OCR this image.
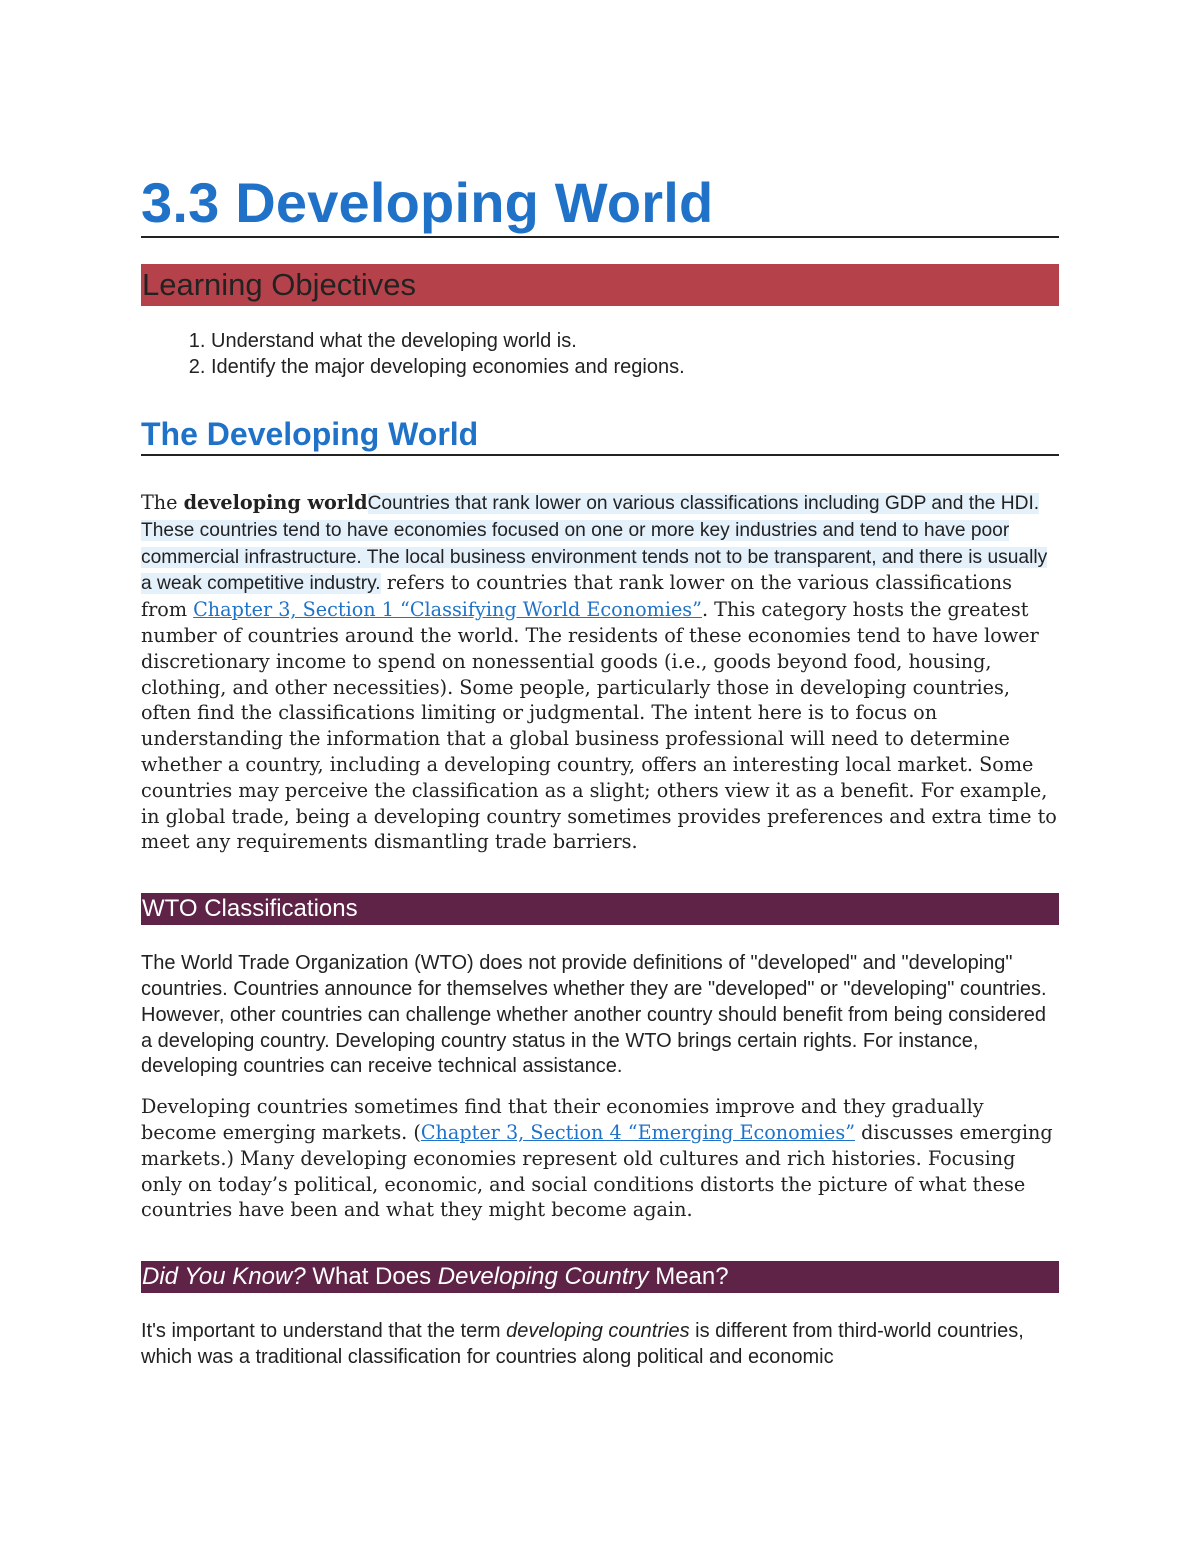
3.3 Developing World
Learning Objectives
1. Understand what the developing world is.
2. Identify the major developing economies and regions.
The Developing World

The developing worldCountries that rank lower on various classifications including GDP and the HDI. These countries tend to have economies focused on one or more key industries and tend to have poor commercial infrastructure. The local business environment tends not to be transparent, and there is usually a weak competitive industry. refers to countries that rank lower on the various classifications from Chapter 3, Section 1 “Classifying World Economies”. This category hosts the greatest number of countries around the world. The residents of these economies tend to have lower discretionary income to spend on nonessential goods (i.e., goods beyond food, housing, clothing, and other necessities). Some people, particularly those in developing countries, often find the classifications limiting or judgmental. The intent here is to focus on understanding the information that a global business professional will need to determine whether a country, including a developing country, offers an interesting local market. Some countries may perceive the classification as a slight; others view it as a benefit. For example, in global trade, being a developing country sometimes provides preferences and extra time to meet any requirements dismantling trade barriers.

WTO Classifications

The World Trade Organization (WTO) does not provide definitions of "developed" and "developing" countries. Countries announce for themselves whether they are "developed" or "developing" countries. However, other countries can challenge whether another country should benefit from being considered a developing country. Developing country status in the WTO brings certain rights. For instance, developing countries can receive technical assistance.

Developing countries sometimes find that their economies improve and they gradually become emerging markets. (Chapter 3, Section 4 “Emerging Economies” discusses emerging markets.) Many developing economies represent old cultures and rich histories. Focusing only on today’s political, economic, and social conditions distorts the picture of what these countries have been and what they might become again.

Did You Know? What Does Developing Country Mean?

It's important to understand that the term developing countries is different from third-world countries, which was a traditional classification for countries along political and economic
